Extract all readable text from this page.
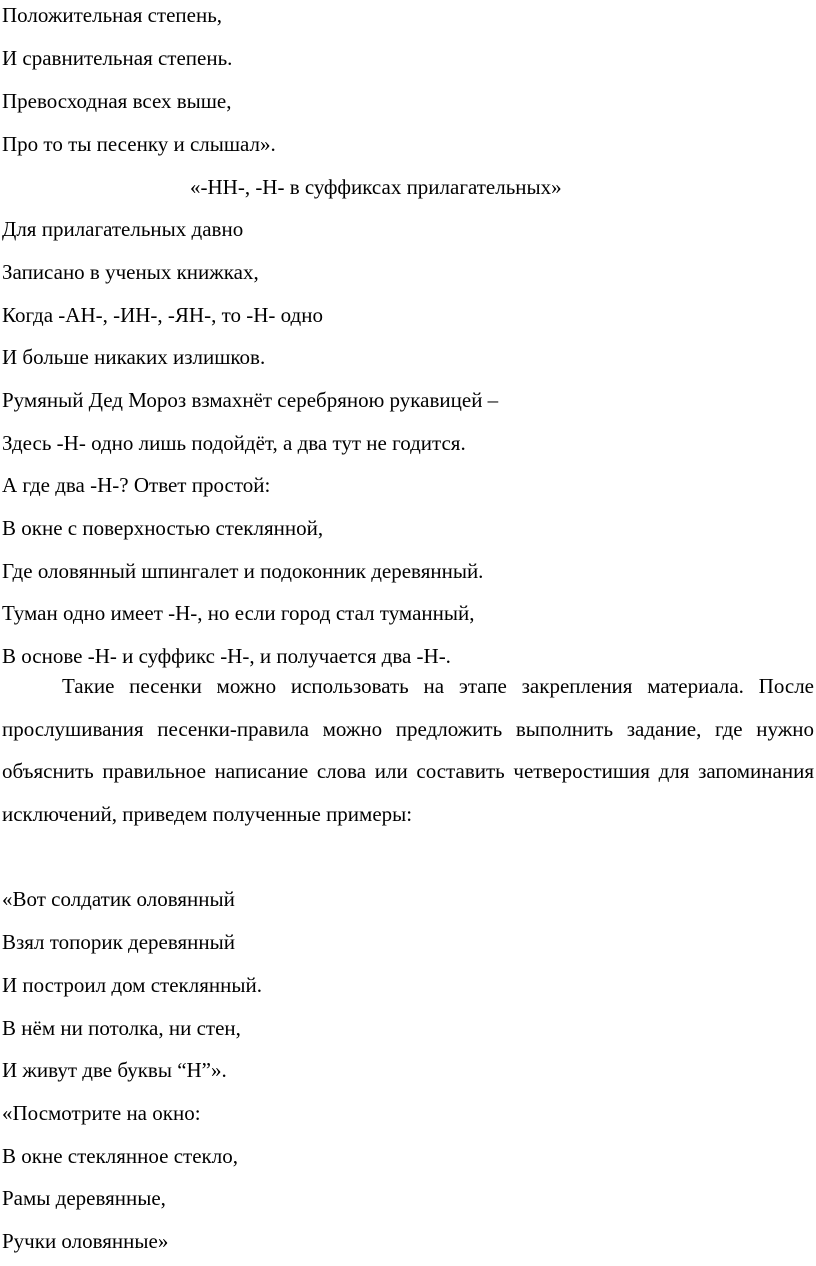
Положительная степень,
И сравнительная степень.
Превосходная всех выше,
Про то ты песенку и слышал».
«-НН-, -Н- в суффиксах прилагательных»
Для прилагательных давно
Записано в ученых книжках,
Когда -АН-, -ИН-, -ЯН-, то -Н- одно
И больше никаких излишков.
Румяный Дед Мороз взмахнёт серебряною рукавицей –
Здесь -Н- одно лишь подойдёт, а два тут не годится.
А где два -Н-? Ответ простой:
В окне с поверхностью стеклянной,
Где оловянный шпингалет и подоконник деревянный.
Туман одно имеет -Н-, но если город стал туманный,
В основе -Н- и суффикс -Н-, и получается два -Н-.
Такие песенки можно использовать на этапе закрепления материала. После прослушивания песенки-правила можно предложить выполнить задание, где нужно объяснить правильное написание слова или составить четверостишия для запоминания исключений, приведем полученные примеры:
«Вот солдатик оловянный
Взял топорик деревянный
И построил дом стеклянный.
В нём ни потолка, ни стен,
И живут две буквы “Н”».
«Посмотрите на окно:
В окне стеклянное стекло,
Рамы деревянные,
Ручки оловянные»
